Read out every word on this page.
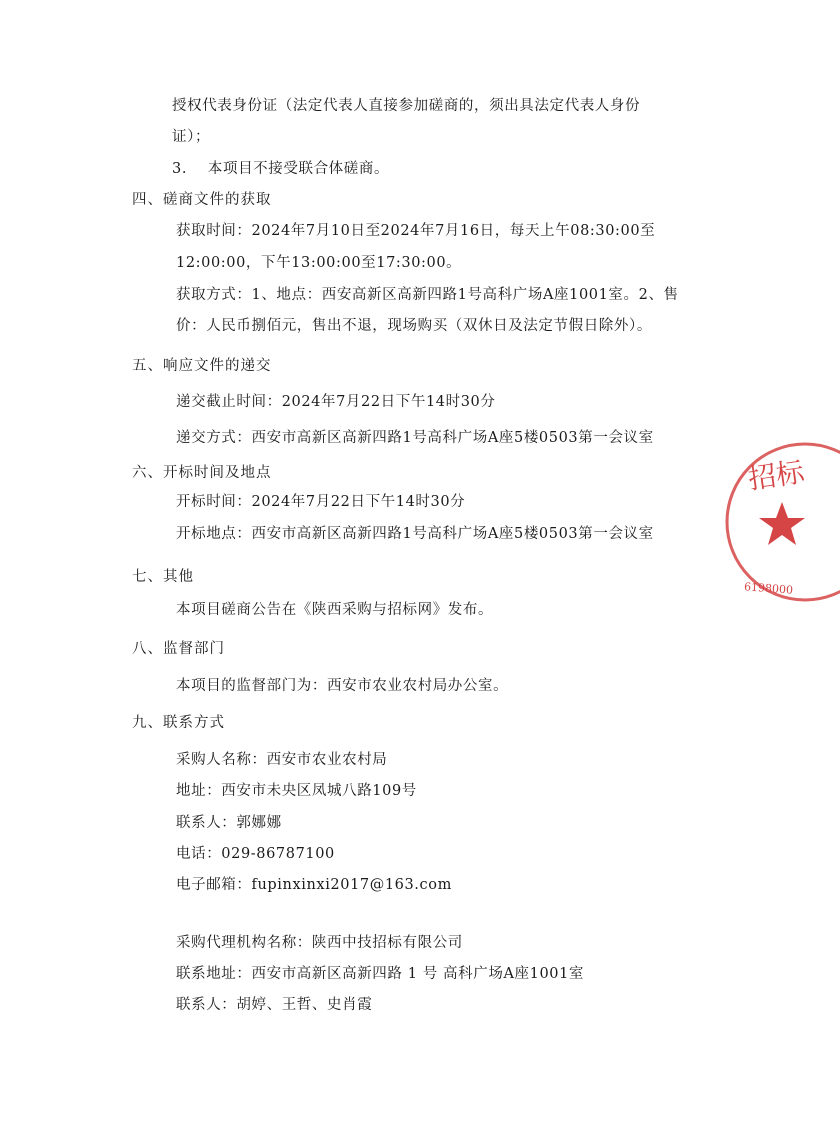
授权代表身份证（法定代表人直接参加磋商的，须出具法定代表人身份
证）；
3.    本项目不接受联合体磋商。
四、磋商文件的获取
获取时间：2024年7月10日至2024年7月16日，每天上午08:30:00至
12:00:00，下午13:00:00至17:30:00。
获取方式：1、地点：西安高新区高新四路1号高科广场A座1001室。2、售
价：人民币捌佰元，售出不退，现场购买（双休日及法定节假日除外）。
五、响应文件的递交
递交截止时间：2024年7月22日下午14时30分
递交方式：西安市高新区高新四路1号高科广场A座5楼0503第一会议室
六、开标时间及地点
开标时间：2024年7月22日下午14时30分
开标地点：西安市高新区高新四路1号高科广场A座5楼0503第一会议室
七、其他
本项目磋商公告在《陕西采购与招标网》发布。
八、监督部门
本项目的监督部门为：西安市农业农村局办公室。
九、联系方式
采购人名称：西安市农业农村局
地址：西安市未央区凤城八路109号
联系人：郭娜娜
电话：029-86787100
电子邮箱：fupinxinxi2017@163.com
采购代理机构名称：陕西中技招标有限公司
联系地址：西安市高新区高新四路 1 号 高科广场A座1001室
联系人：胡婷、王哲、史肖霞
招标
6198000
